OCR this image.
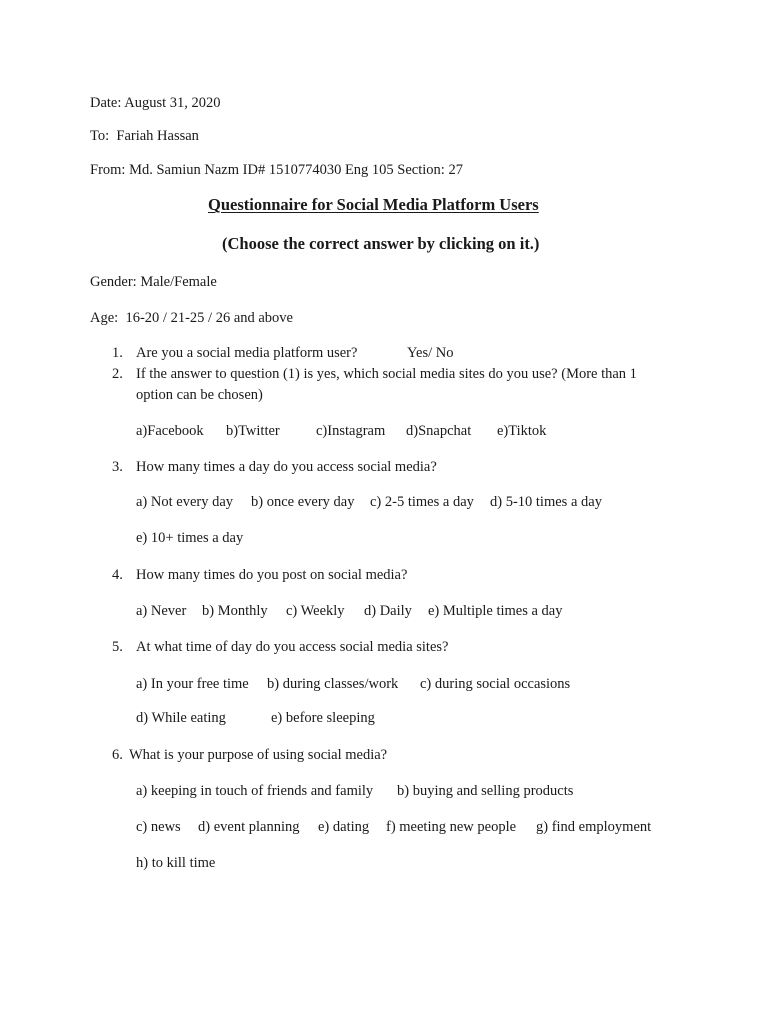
Date: August 31, 2020
To:  Fariah Hassan
From: Md. Samiun Nazm ID# 1510774030 Eng 105 Section: 27
Questionnaire for Social Media Platform Users
(Choose the correct answer by clicking on it.)
Gender: Male/Female
Age:  16-20 / 21-25 / 26 and above
1. Are you a social media platform user?	Yes/ No
2. If the answer to question (1) is yes, which social media sites do you use? (More than 1
option can be chosen)
a)Facebook b)Twitter	c)Instagram d)Snapchat e)Tiktok
3. How many times a day do you access social media?
a) Not every day b) once every day c) 2-5 times a day d) 5-10 times a day
e) 10+ times a day
4. How many times do you post on social media?
a) Never b) Monthly c) Weekly d) Daily e) Multiple times a day
5. At what time of day do you access social media sites?
a) In your free time b) during classes/work c) during social occasions
d) While eating	e) before sleeping
6. What is your purpose of using social media?
a) keeping in touch of friends and family b) buying and selling products
c) news d) event planning e) dating f) meeting new people g) find employment
h) to kill time
